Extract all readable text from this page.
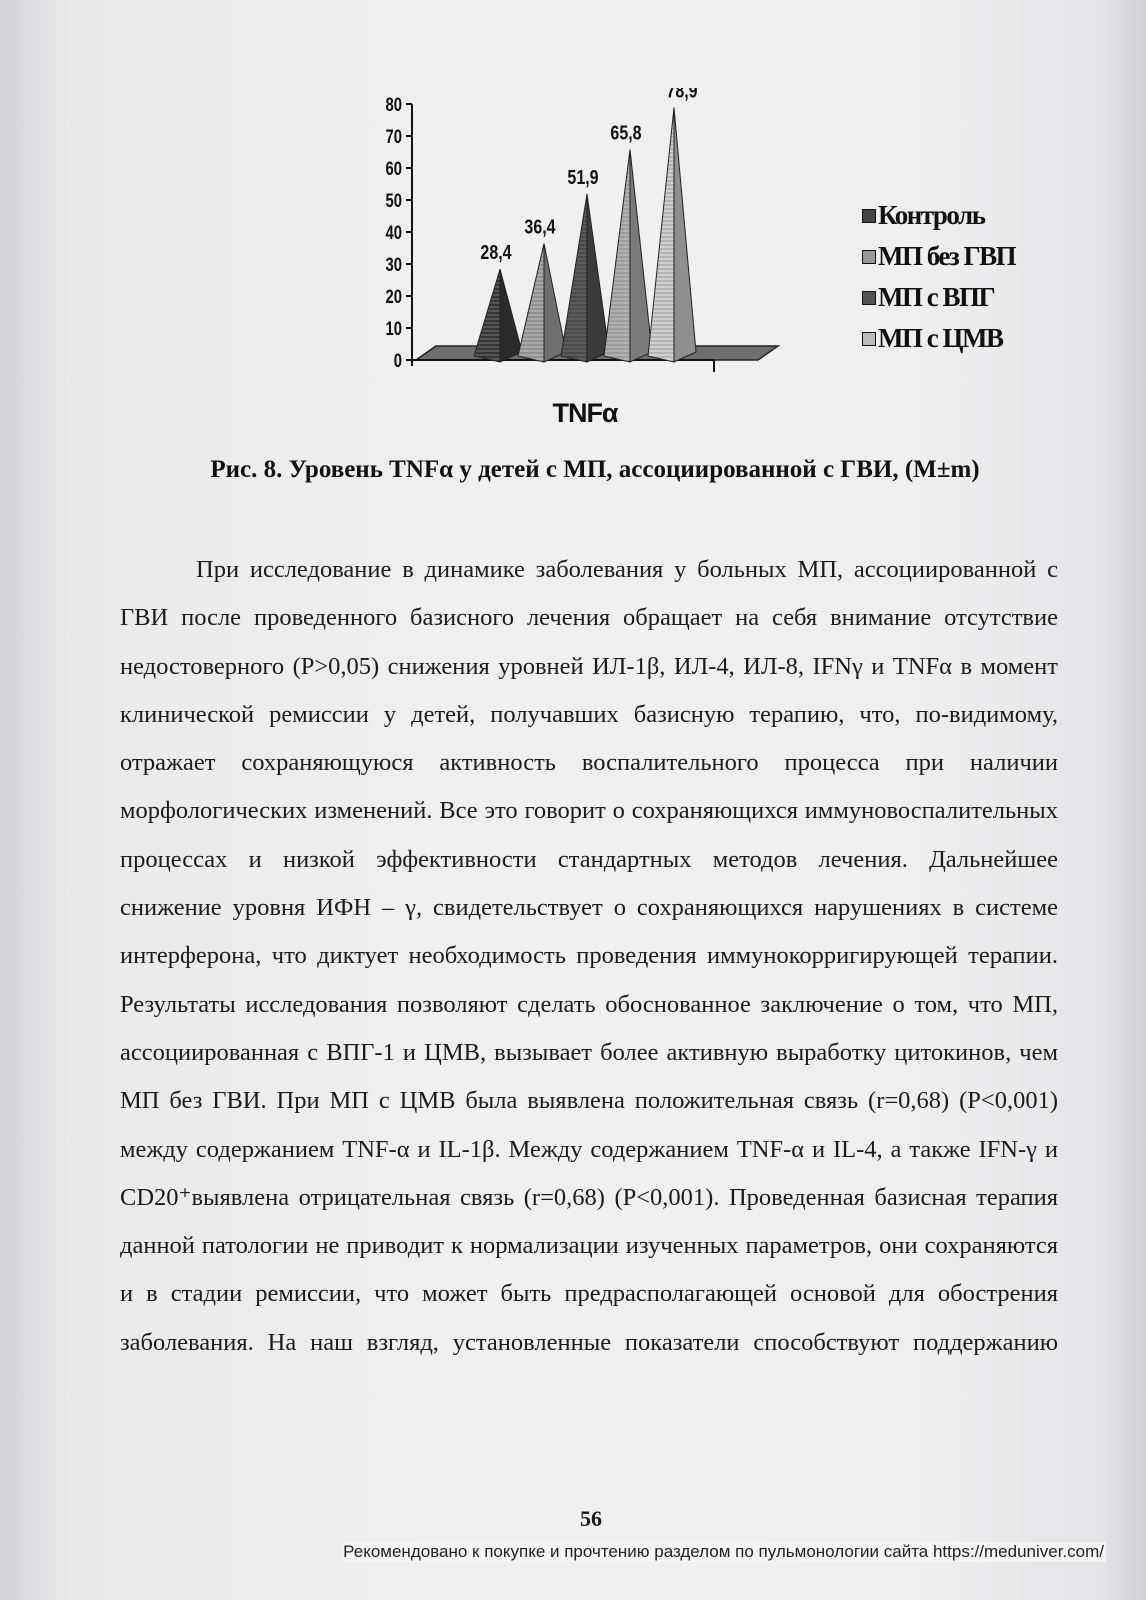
0
10
20
30
40
50
60
70
80
28,4
36,4
51,9
65,8
78,9
Контроль
МП без ГВП
МП с ВПГ
МП с ЦМВ
TNFα
Рис. 8. Уровень TNFα у детей с МП, ассоциированной с ГВИ, (M±m)

При исследование в динамике заболевания у больных МП, ассоциированной с ГВИ после проведенного базисного лечения обращает на себя внимание отсутствие недостоверного (P>0,05) снижения уровней ИЛ-1β, ИЛ-4, ИЛ-8, IFNγ и TNFα в момент клинической ремиссии у детей, получавших базисную терапию, что, по-видимому, отражает сохраняющуюся активность воспалительного процесса при наличии морфологических изменений. Все это говорит о сохраняющихся иммуновоспалительных процессах и низкой эффективности стандартных методов лечения. Дальнейшее снижение уровня ИФН – γ, свидетельствует о сохраняющихся нарушениях в системе интерферона, что диктует необходимость проведения иммунокорригирующей терапии. Результаты исследования позволяют сделать обоснованное заключение о том, что МП, ассоциированная с ВПГ-1 и ЦМВ, вызывает более активную выработку цитокинов, чем МП без ГВИ. При МП с ЦМВ была выявлена положительная связь (r=0,68) (P<0,001) между содержанием TNF-α и IL-1β. Между содержанием TNF-α и IL-4, а также IFN-γ и CD20⁺выявлена отрицательная связь (r=0,68) (P<0,001). Проведенная базисная терапия данной патологии не приводит к нормализации изученных параметров, они сохраняются и в стадии ремиссии, что может быть предрасполагающей основой для обострения заболевания. На наш взгляд, установленные показатели способствуют поддержанию

56
Рекомендовано к покупке и прочтению разделом по пульмонологии сайта https://meduniver.com/
